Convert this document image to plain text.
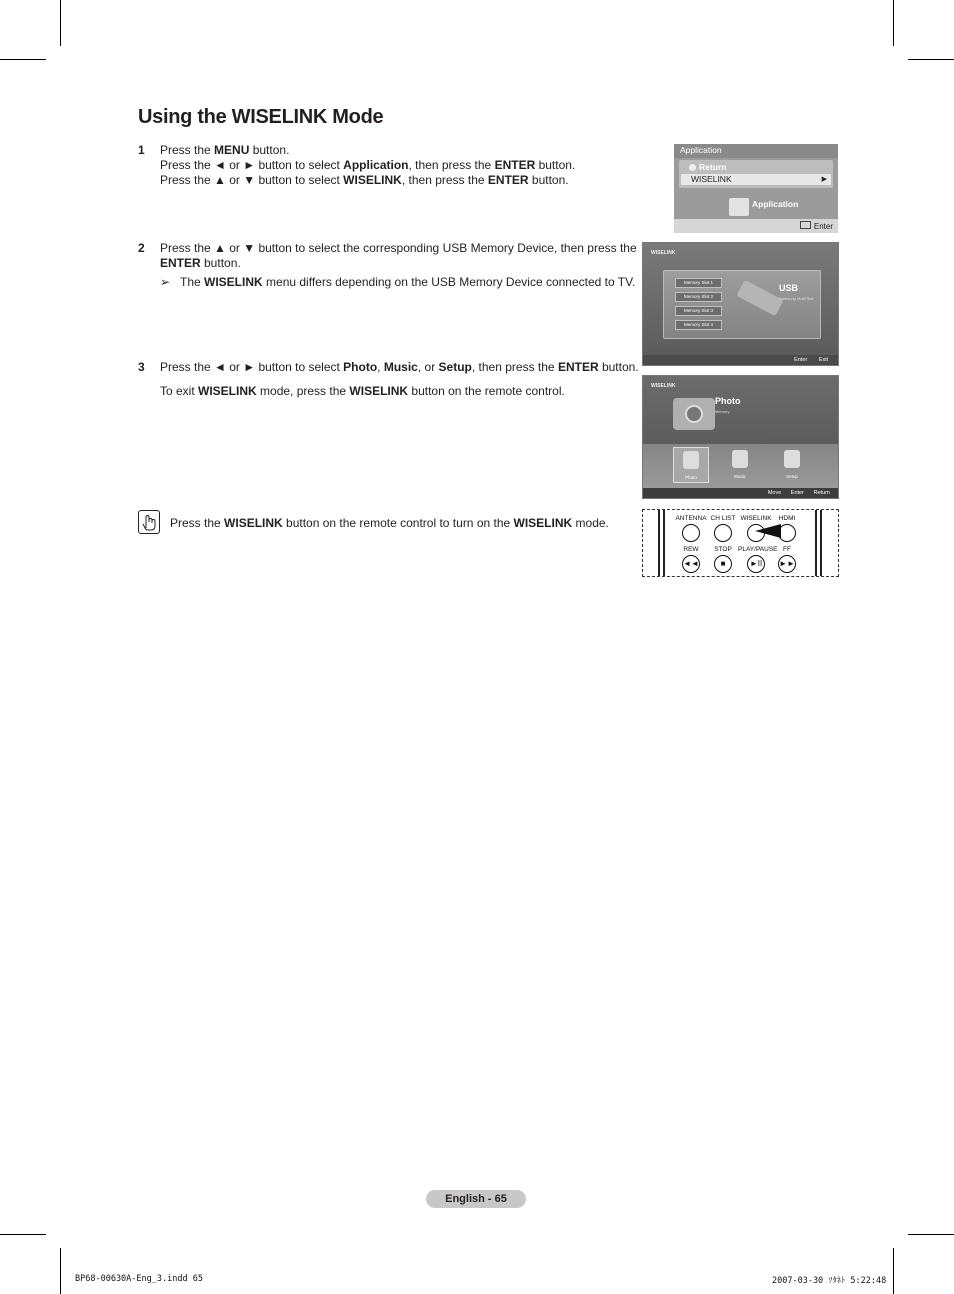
Using the WISELINK Mode
1 Press the MENU button.
Press the ◄ or ► button to select Application, then press the ENTER button.
Press the ▲ or ▼ button to select WISELINK, then press the ENTER button.
2 Press the ▲ or ▼ button to select the corresponding USB Memory Device, then press the
ENTER button.
➢ The WISELINK menu differs depending on the USB Memory Device connected to TV.
3 Press the ◄ or ► button to select Photo, Music, or Setup, then press the ENTER button.
To exit WISELINK mode, press the WISELINK button on the remote control.
Press the WISELINK button on the remote control to turn on the WISELINK mode.
Application
Return
WISELINK	▶
Application
Enter
WISELINK
Memory Slot 1
Memory Slot 2
Memory Slot 3
Memory Slot 4
USB
Samsung Multi Slot
Enter Exit
WISELINK
Photo
Memory
Photo	Music	Setup
Move Enter Return
ANTENNA CH LIST WISELINK	HDMI
REW	STOP PLAY/PAUSE FF
◄◄	■	►II	►►
English - 65
BP68-00630A-Eng_3.indd 65	2007-03-30 ｿﾀﾈﾄ 5:22:48
